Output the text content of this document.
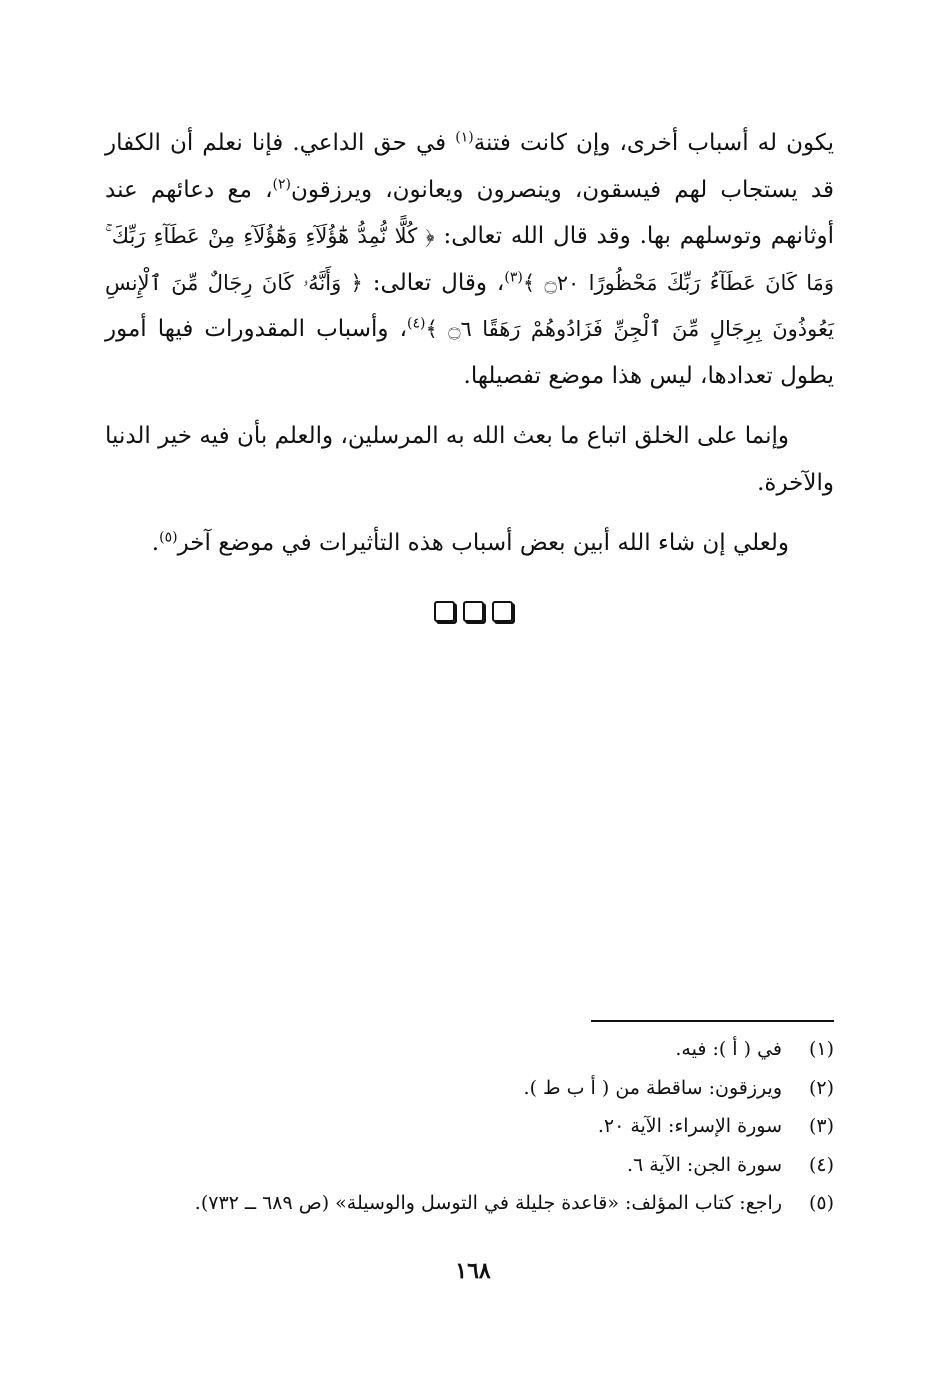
يكون له أسباب أخرى، وإن كانت فتنة$^{(١)}$ في حق الداعي. فإنا نعلم أن الكفار قد يستجاب لهم فيسقون، وينصرون ويعانون، ويرزقون$^{(٢)}$، مع دعائهم عند أوثانهم وتوسلهم بها. وقد قال الله تعالى: ﴿ كُلًّا نُّمِدُّ هَٰٓؤُلَآءِ وَهَٰٓؤُلَآءِ مِنْ عَطَآءِ رَبِّكَ ۚ وَمَا كَانَ عَطَآءُ رَبِّكَ مَحْظُورًا ۝٢٠ ﴾$^{(٣)}$، وقال تعالى: ﴿ وَأَنَّهُۥ كَانَ رِجَالٌ مِّنَ ٱلْإِنسِ يَعُوذُونَ بِرِجَالٍ مِّنَ ٱلْجِنِّ فَزَادُوهُمْ رَهَقًا ۝٦ ﴾$^{(٤)}$، وأسباب المقدورات فيها أمور يطول تعدادها، ليس هذا موضع تفصيلها.

وإنما على الخلق اتباع ما بعث الله به المرسلين، والعلم بأن فيه خير الدنيا والآخرة.

ولعلي إن شاء الله أبين بعض أسباب هذه التأثيرات في موضع آخر$^{(٥)}$.

(١)
في ( أ ): فيه.
(٢)
ويرزقون: ساقطة من ( أ ب ط ).
(٣)
سورة الإسراء: الآية ٢٠.
(٤)
سورة الجن: الآية ٦.
(٥)
راجع: كتاب المؤلف: «قاعدة جليلة في التوسل والوسيلة» (ص ٦٨٩ ــ ٧٣٢).
١٦٨
